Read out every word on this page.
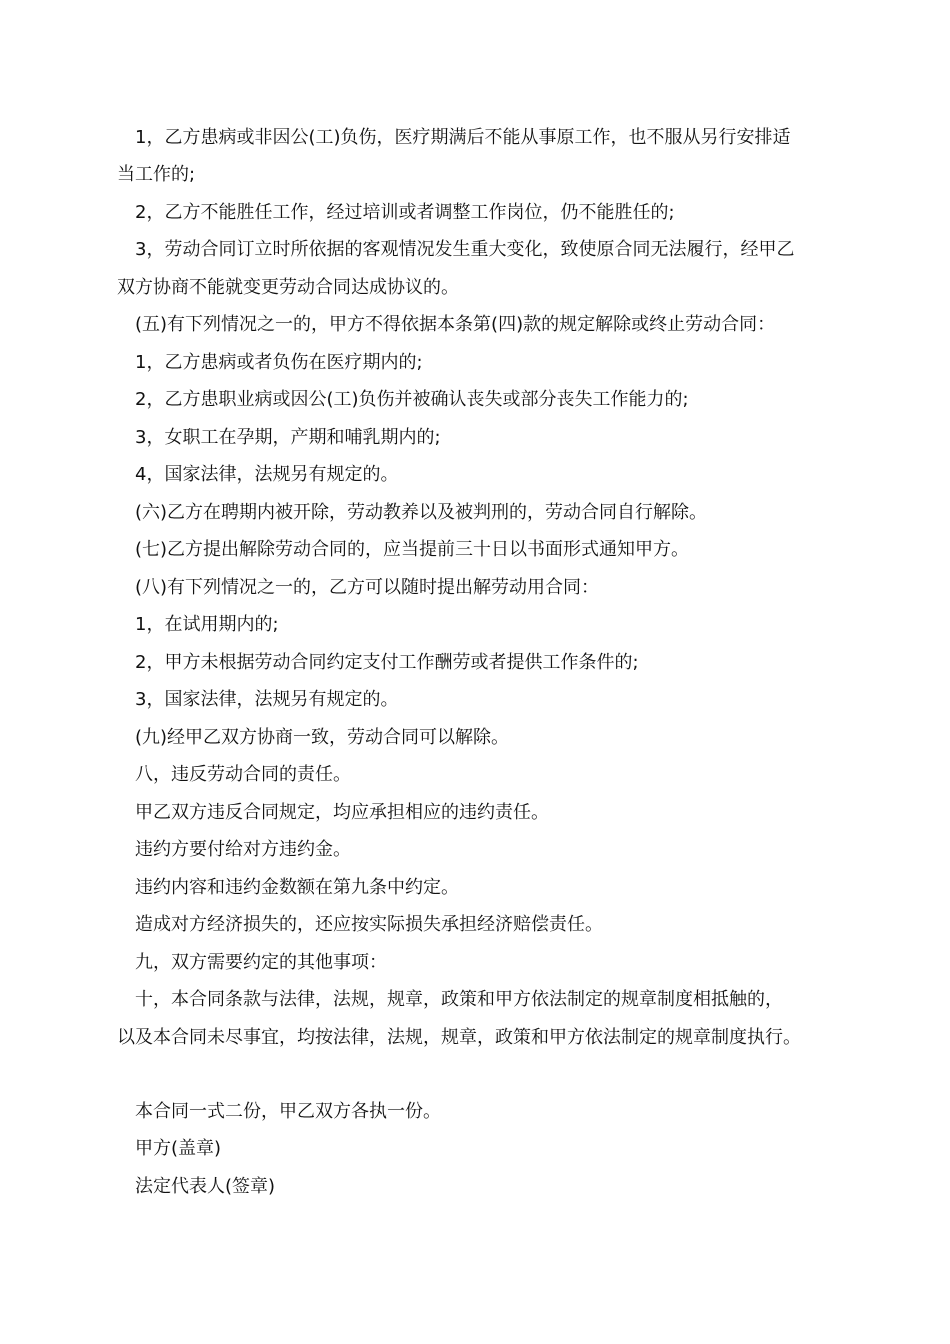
1，乙方患病或非因公(工)负伤，医疗期满后不能从事原工作，也不服从另行安排适
当工作的;
2，乙方不能胜任工作，经过培训或者调整工作岗位，仍不能胜任的;
3，劳动合同订立时所依据的客观情况发生重大变化，致使原合同无法履行，经甲乙
双方协商不能就变更劳动合同达成协议的。
(五)有下列情况之一的，甲方不得依据本条第(四)款的规定解除或终止劳动合同：
1，乙方患病或者负伤在医疗期内的;
2，乙方患职业病或因公(工)负伤并被确认丧失或部分丧失工作能力的;
3，女职工在孕期，产期和哺乳期内的;
4，国家法律，法规另有规定的。
(六)乙方在聘期内被开除，劳动教养以及被判刑的，劳动合同自行解除。
(七)乙方提出解除劳动合同的，应当提前三十日以书面形式通知甲方。
(八)有下列情况之一的，乙方可以随时提出解劳动用合同：
1，在试用期内的;
2，甲方未根据劳动合同约定支付工作酬劳或者提供工作条件的;
3，国家法律，法规另有规定的。
(九)经甲乙双方协商一致，劳动合同可以解除。
八，违反劳动合同的责任。
甲乙双方违反合同规定，均应承担相应的违约责任。
违约方要付给对方违约金。
违约内容和违约金数额在第九条中约定。
造成对方经济损失的，还应按实际损失承担经济赔偿责任。
九，双方需要约定的其他事项：
十，本合同条款与法律，法规，规章，政策和甲方依法制定的规章制度相抵触的，
以及本合同未尽事宜，均按法律，法规，规章，政策和甲方依法制定的规章制度执行。
本合同一式二份，甲乙双方各执一份。
甲方(盖章)
法定代表人(签章)
